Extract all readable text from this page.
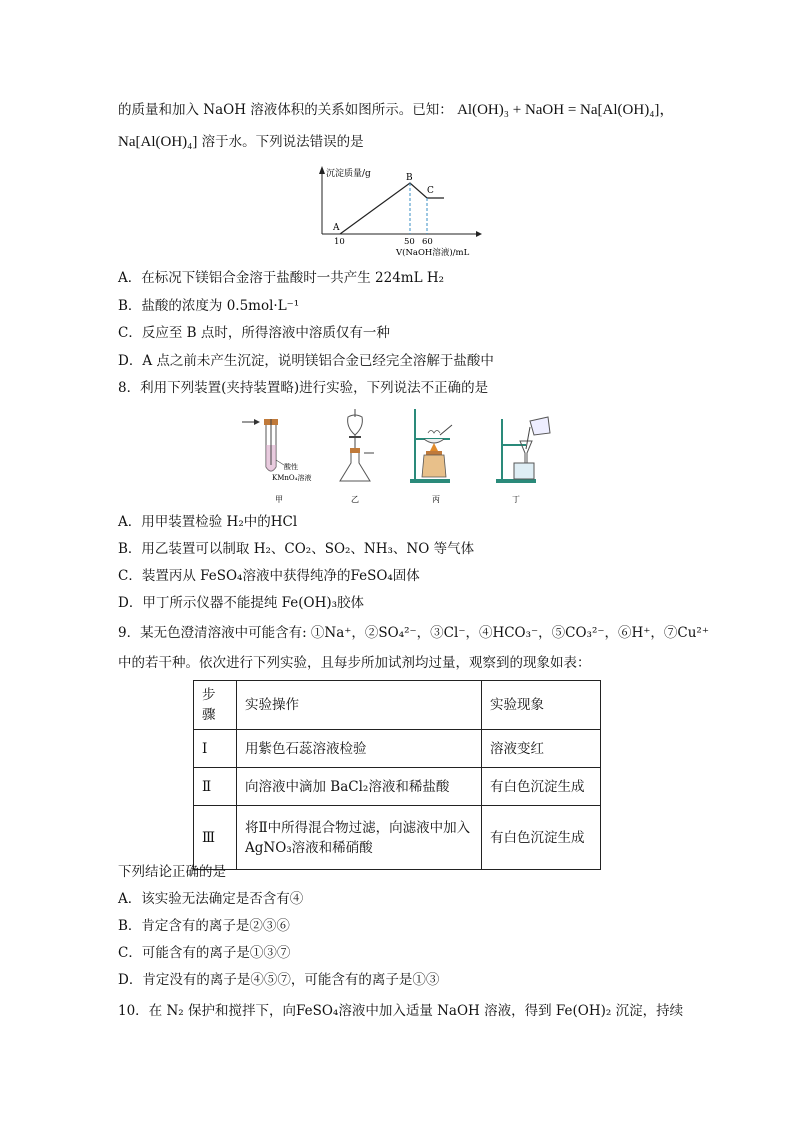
的质量和加入 NaOH 溶液体积的关系如图所示。已知： Al(OH)₃ + NaOH = Na[Al(OH)₄]，
Na[Al(OH)₄] 溶于水。下列说法错误的是
沉淀质量/g
A
B
C
10	50 60
V(NaOH溶液)/mL
A．在标况下镁铝合金溶于盐酸时一共产生 224mL H₂
B．盐酸的浓度为 0.5mol·L⁻¹
C．反应至 B 点时，所得溶液中溶质仅有一种
D．A 点之前未产生沉淀，说明镁铝合金已经完全溶解于盐酸中
8．利用下列装置(夹持装置略)进行实验，下列说法不正确的是
酸性
KMnO₄溶液
甲	乙	丙	丁
A．用甲装置检验 H₂中的HCl
B．用乙装置可以制取 H₂、CO₂、SO₂、NH₃、NO 等气体
C．装置丙从 FeSO₄溶液中获得纯净的FeSO₄固体
D．甲丁所示仪器不能提纯 Fe(OH)₃胶体
9．某无色澄清溶液中可能含有: ①Na⁺，②SO₄²⁻，③Cl⁻，④HCO₃⁻，⑤CO₃²⁻，⑥H⁺，⑦Cu²⁺
中的若干种。依次进行下列实验，且每步所加试剂均过量，观察到的现象如表：
步骤	实验操作	实验现象
Ⅰ	用紫色石蕊溶液检验	溶液变红
Ⅱ	向溶液中滴加 BaCl₂溶液和稀盐酸	有白色沉淀生成
Ⅲ	将Ⅱ中所得混合物过滤，向滤液中加入 AgNO₃溶液和稀硝酸	有白色沉淀生成
下列结论正确的是
A．该实验无法确定是否含有④
B．肯定含有的离子是②③⑥
C．可能含有的离子是①③⑦
D．肯定没有的离子是④⑤⑦，可能含有的离子是①③
10．在 N₂ 保护和搅拌下，向FeSO₄溶液中加入适量 NaOH 溶液，得到 Fe(OH)₂ 沉淀，持续
